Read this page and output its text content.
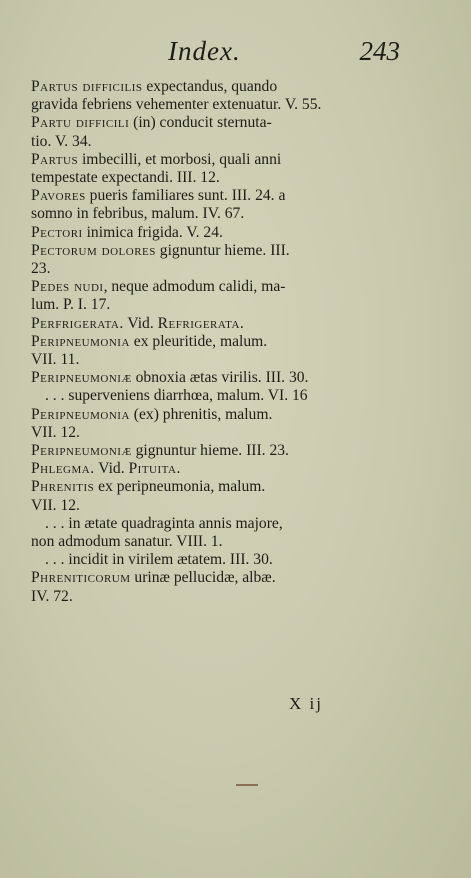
Index.	243
Partus difficilis expectandus, quando
gravida febriens vehementer extenuatur. V. 55.
Partu difficili (in) conducit sternuta-
tio. V. 34.
Partus imbecilli, et morbosi, quali anni
tempestate expectandi. III. 12.
Pavores pueris familiares sunt. III. 24. a
somno in febribus, malum. IV. 67.
Pectori inimica frigida. V. 24.
Pectorum dolores gignuntur hieme. III.
23.
Pedes nudi, neque admodum calidi, ma-
lum. P. I. 17.
Perfrigerata. Vid. Refrigerata.
Peripneumonia ex pleuritide, malum.
VII. 11.
Peripneumoniæ obnoxia ætas virilis. III. 30.
. . . superveniens diarrhœa, malum. VI. 16
Peripneumonia (ex) phrenitis, malum.
VII. 12.
Peripneumoniæ gignuntur hieme. III. 23.
Phlegma. Vid. Pituita.
Phrenitis ex peripneumonia, malum.
VII. 12.
. . . in ætate quadraginta annis majore,
non admodum sanatur. VIII. 1.
. . . incidit in virilem ætatem. III. 30.
Phreniticorum urinæ pellucidæ, albæ.
IV. 72.
X ij
